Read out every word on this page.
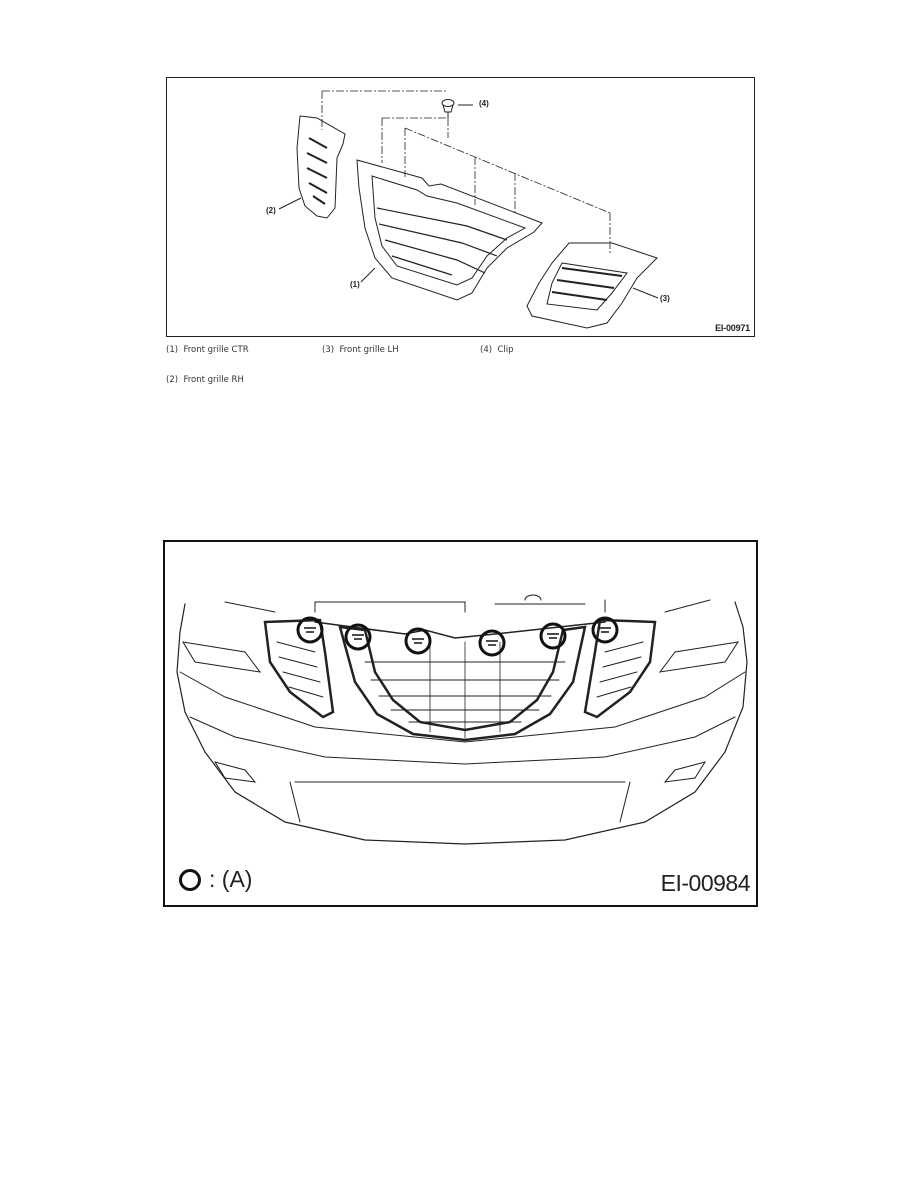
(4)
(2)
(1)
(3)
EI-00971
(1) Front grille CTR	(3) Front grille LH	(4) Clip
(2) Front grille RH
: (A)	EI-00984
